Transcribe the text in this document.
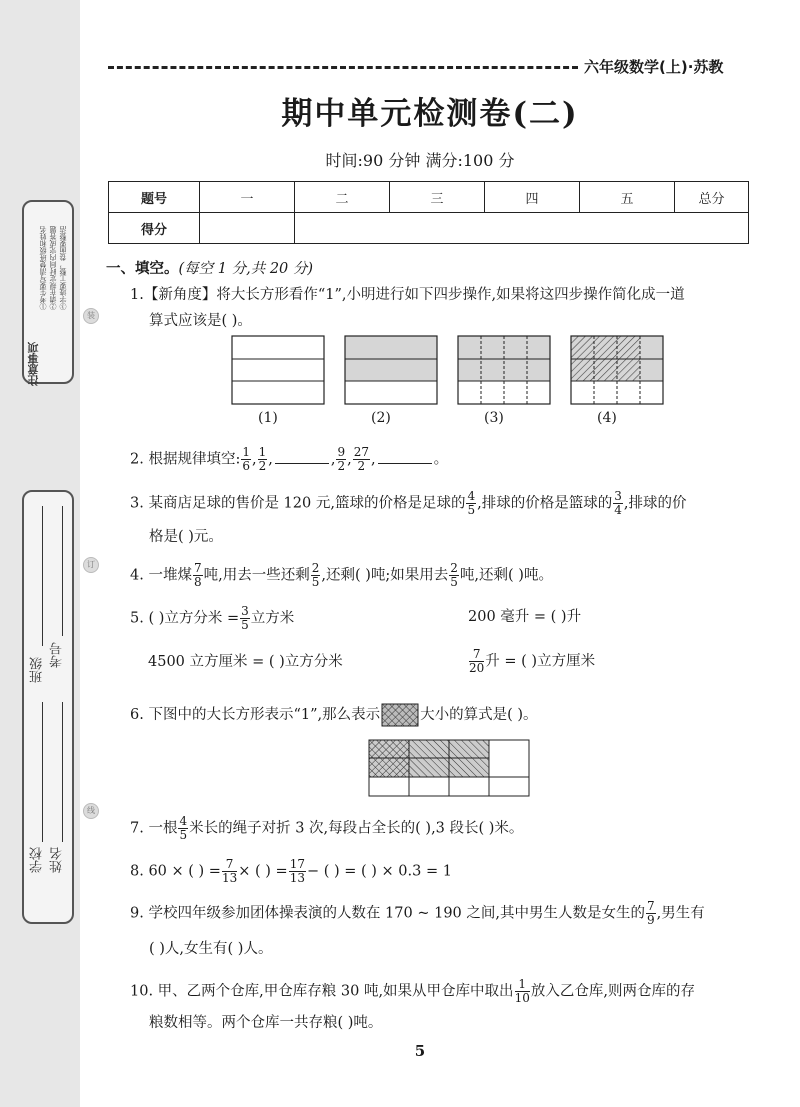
注意事项
①考生要写清楚班级和姓名 ②请在规定时间内完成答题 ③字迹要工整，卷面要整洁
班级
考号
学校 姓名
装
订
线
六年级数学(上)·苏教
期中单元检测卷(二)
时间:90 分钟 满分:100 分
题号	一	二	三	四	五	总分
得分						
一、填空。(每空 1 分,共 20 分)
1.【新角度】将大长方形看作“1”,小明进行如下四步操作,如果将这四步操作简化成一道
算式应该是( )。
(1)	(2)	(3)	(4)
2. 根据规律填空: $\frac{1}{6}$ , $\frac{1}{2}$ ,	, $\frac{9}{2}$ , $\frac{27}{2}$ ,	。
3. 某商店足球的售价是 120 元,篮球的价格是足球的 $\frac{4}{5}$ ,排球的价格是篮球的 $\frac{3}{4}$ ,排球的价
格是( )元。
4. 一堆煤 $\frac{7}{8}$ 吨,用去一些还剩 $\frac{2}{5}$ ,还剩( )吨;如果用去 $\frac{2}{5}$ 吨,还剩( )吨。
5. ( )立方分米 = $\frac{3}{5}$ 立方米	200 毫升 = ( )升
4500 立方厘米 = ( )立方分米	$\frac{7}{20}$ 升 = ( )立方厘米
6. 下图中的大长方形表示“1”,那么表示	大小的算式是( )。
7. 一根 $\frac{4}{5}$ 米长的绳子对折 3 次,每段占全长的( ),3 段长( )米。
8. 60 × ( ) = $\frac{7}{13}$ × ( ) = $\frac{17}{13}$ − ( ) = ( ) × 0.3 = 1
9. 学校四年级参加团体操表演的人数在 170 ~ 190 之间,其中男生人数是女生的 $\frac{7}{9}$ ,男生有
( )人,女生有( )人。
10. 甲、乙两个仓库,甲仓库存粮 30 吨,如果从甲仓库中取出 $\frac{1}{10}$ 放入乙仓库,则两仓库的存
粮数相等。两个仓库一共存粮( )吨。
5
